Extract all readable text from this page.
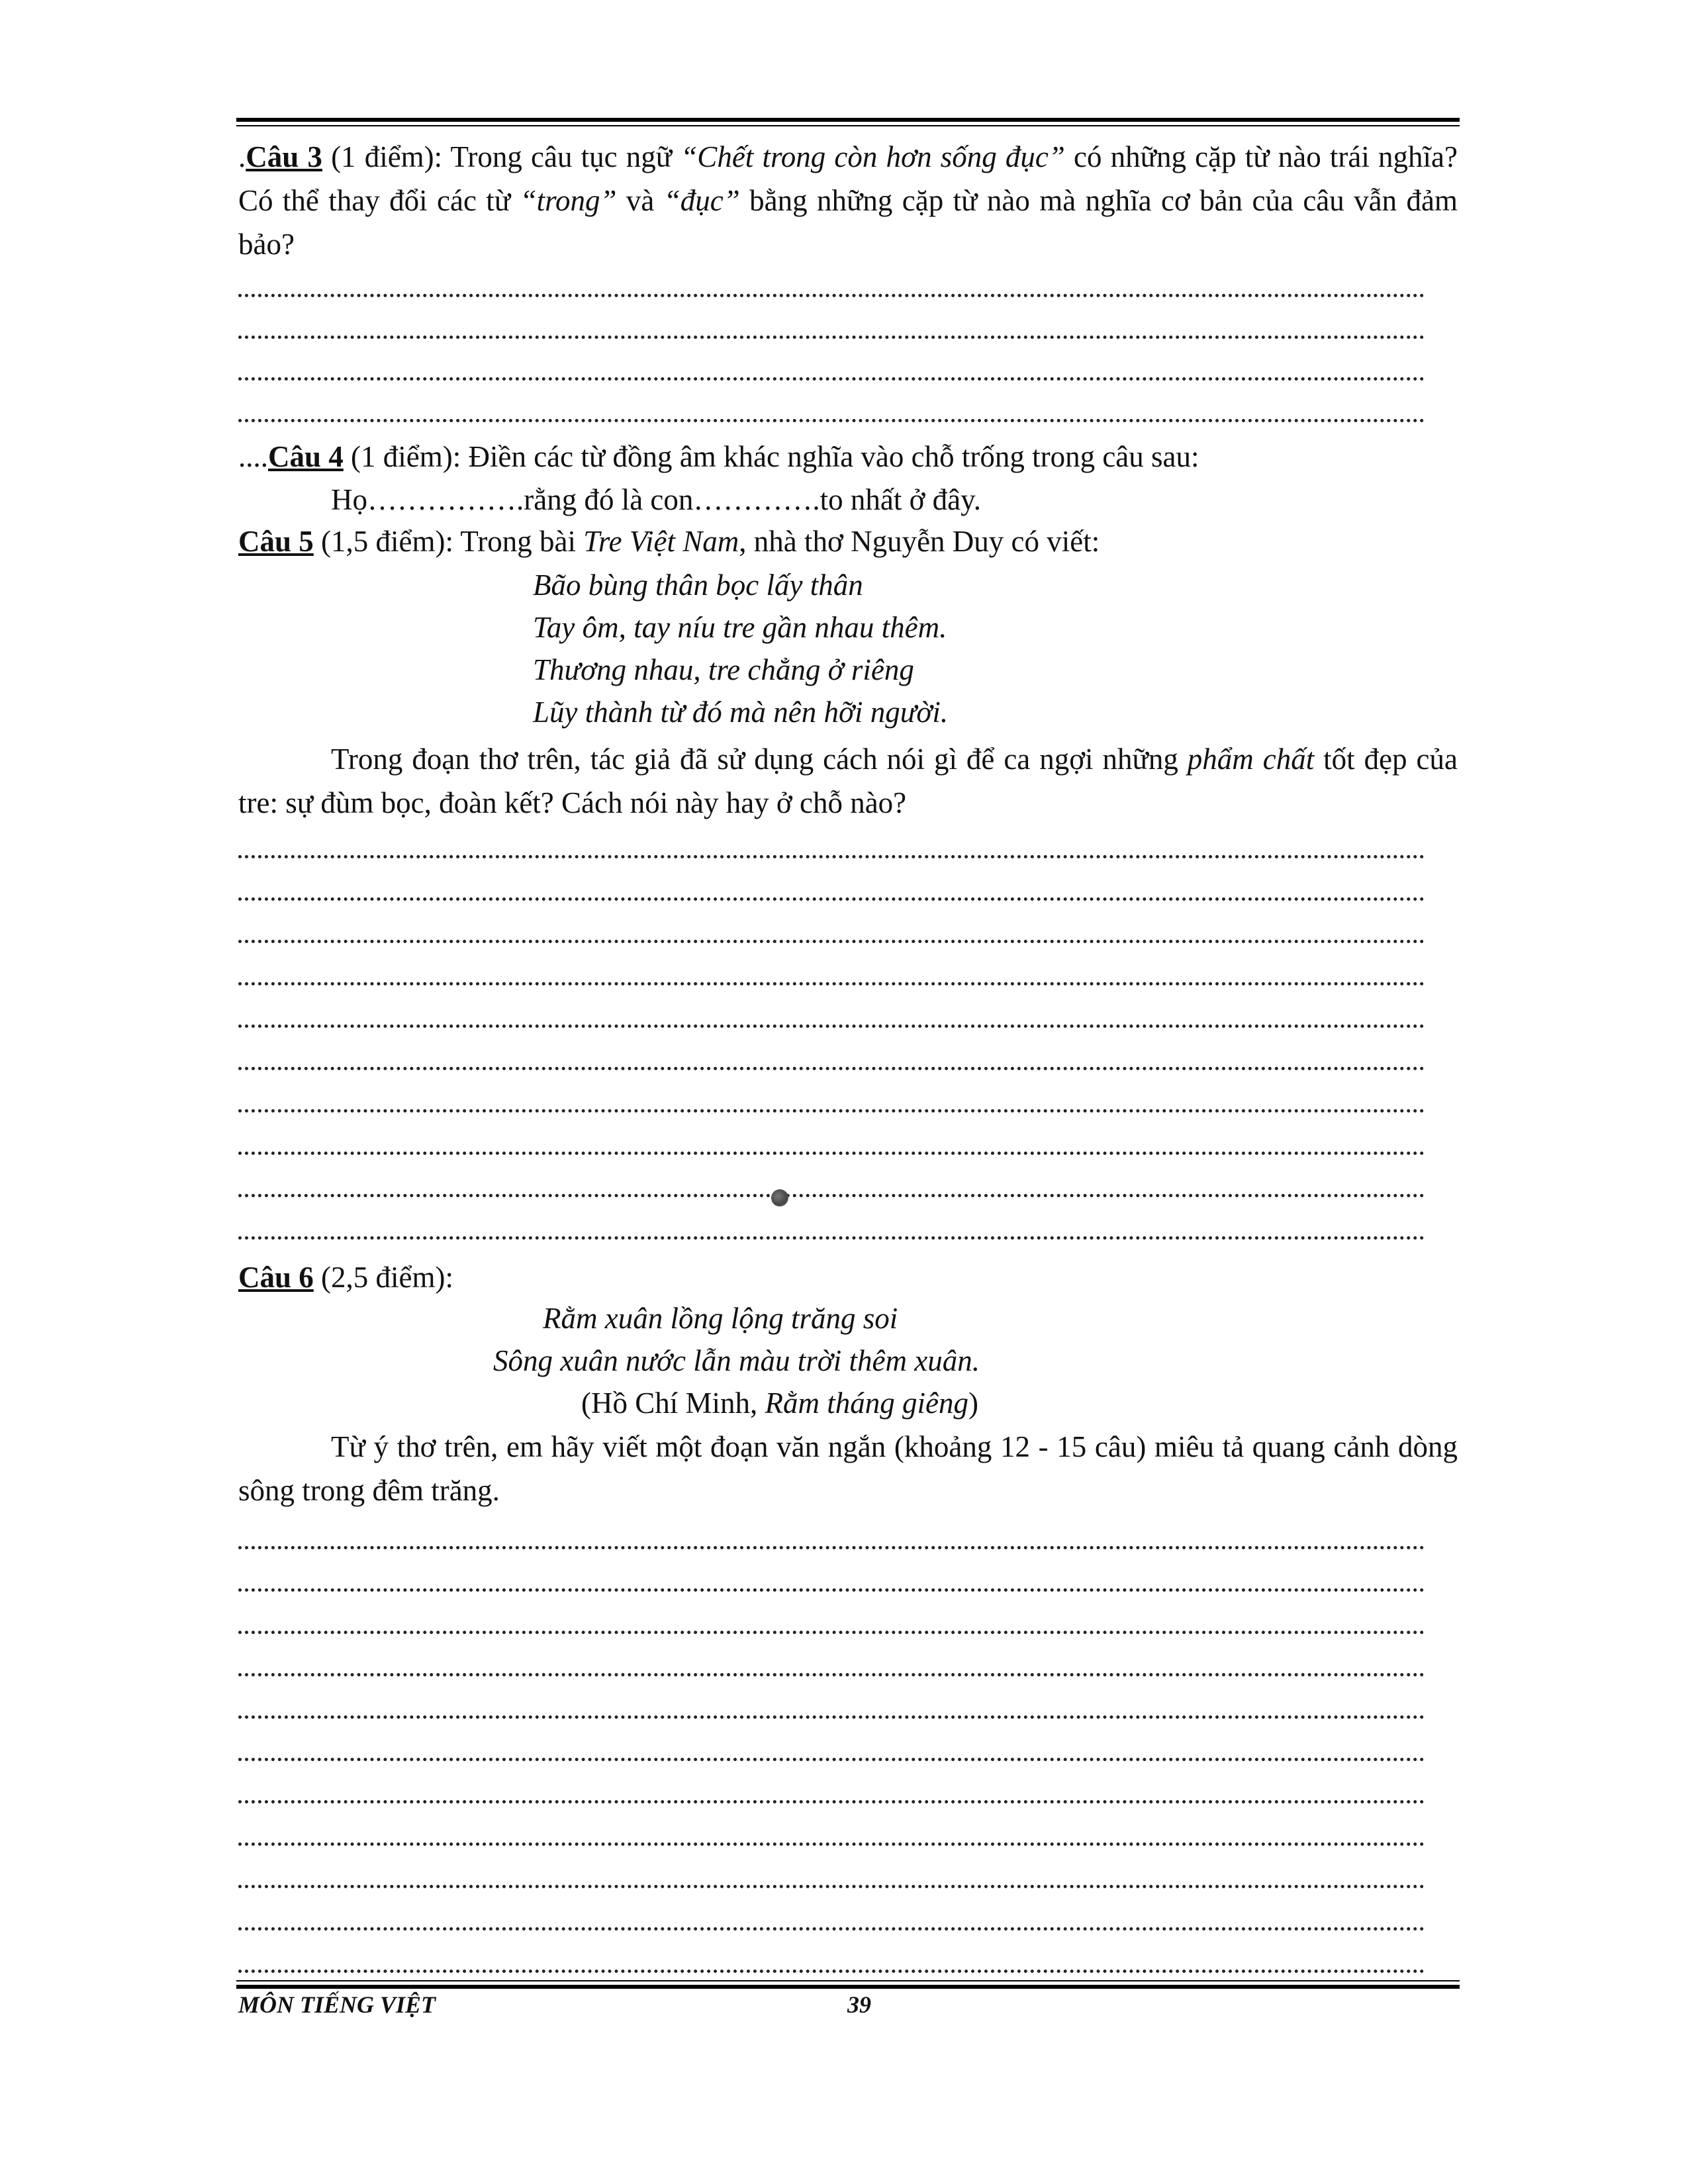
.Câu 3 (1 điểm): Trong câu tục ngữ “Chết trong còn hơn sống đục” có những cặp từ nào trái nghĩa? Có thể thay đổi các từ “trong” và “đục” bằng những cặp từ nào mà nghĩa cơ bản của câu vẫn đảm bảo?
....Câu 4 (1 điểm): Điền các từ đồng âm khác nghĩa vào chỗ trống trong câu sau:
Họ…………….rằng đó là con………….to nhất ở đây.
Câu 5 (1,5 điểm): Trong bài Tre Việt Nam, nhà thơ Nguyễn Duy có viết:
Bão bùng thân bọc lấy thân
Tay ôm, tay níu tre gần nhau thêm.
Thương nhau, tre chẳng ở riêng
Lũy thành từ đó mà nên hỡi người.
Trong đoạn thơ trên, tác giả đã sử dụng cách nói gì để ca ngợi những phẩm chất tốt đẹp của tre: sự đùm bọc, đoàn kết? Cách nói này hay ở chỗ nào?
Câu 6 (2,5 điểm):
Rằm xuân lồng lộng trăng soi
Sông xuân nước lẫn màu trời thêm xuân.
(Hồ Chí Minh, Rằm tháng giêng)
Từ ý thơ trên, em hãy viết một đoạn văn ngắn (khoảng 12 - 15 câu) miêu tả quang cảnh dòng sông trong đêm trăng.
MÔN TIẾNG VIỆT	39
